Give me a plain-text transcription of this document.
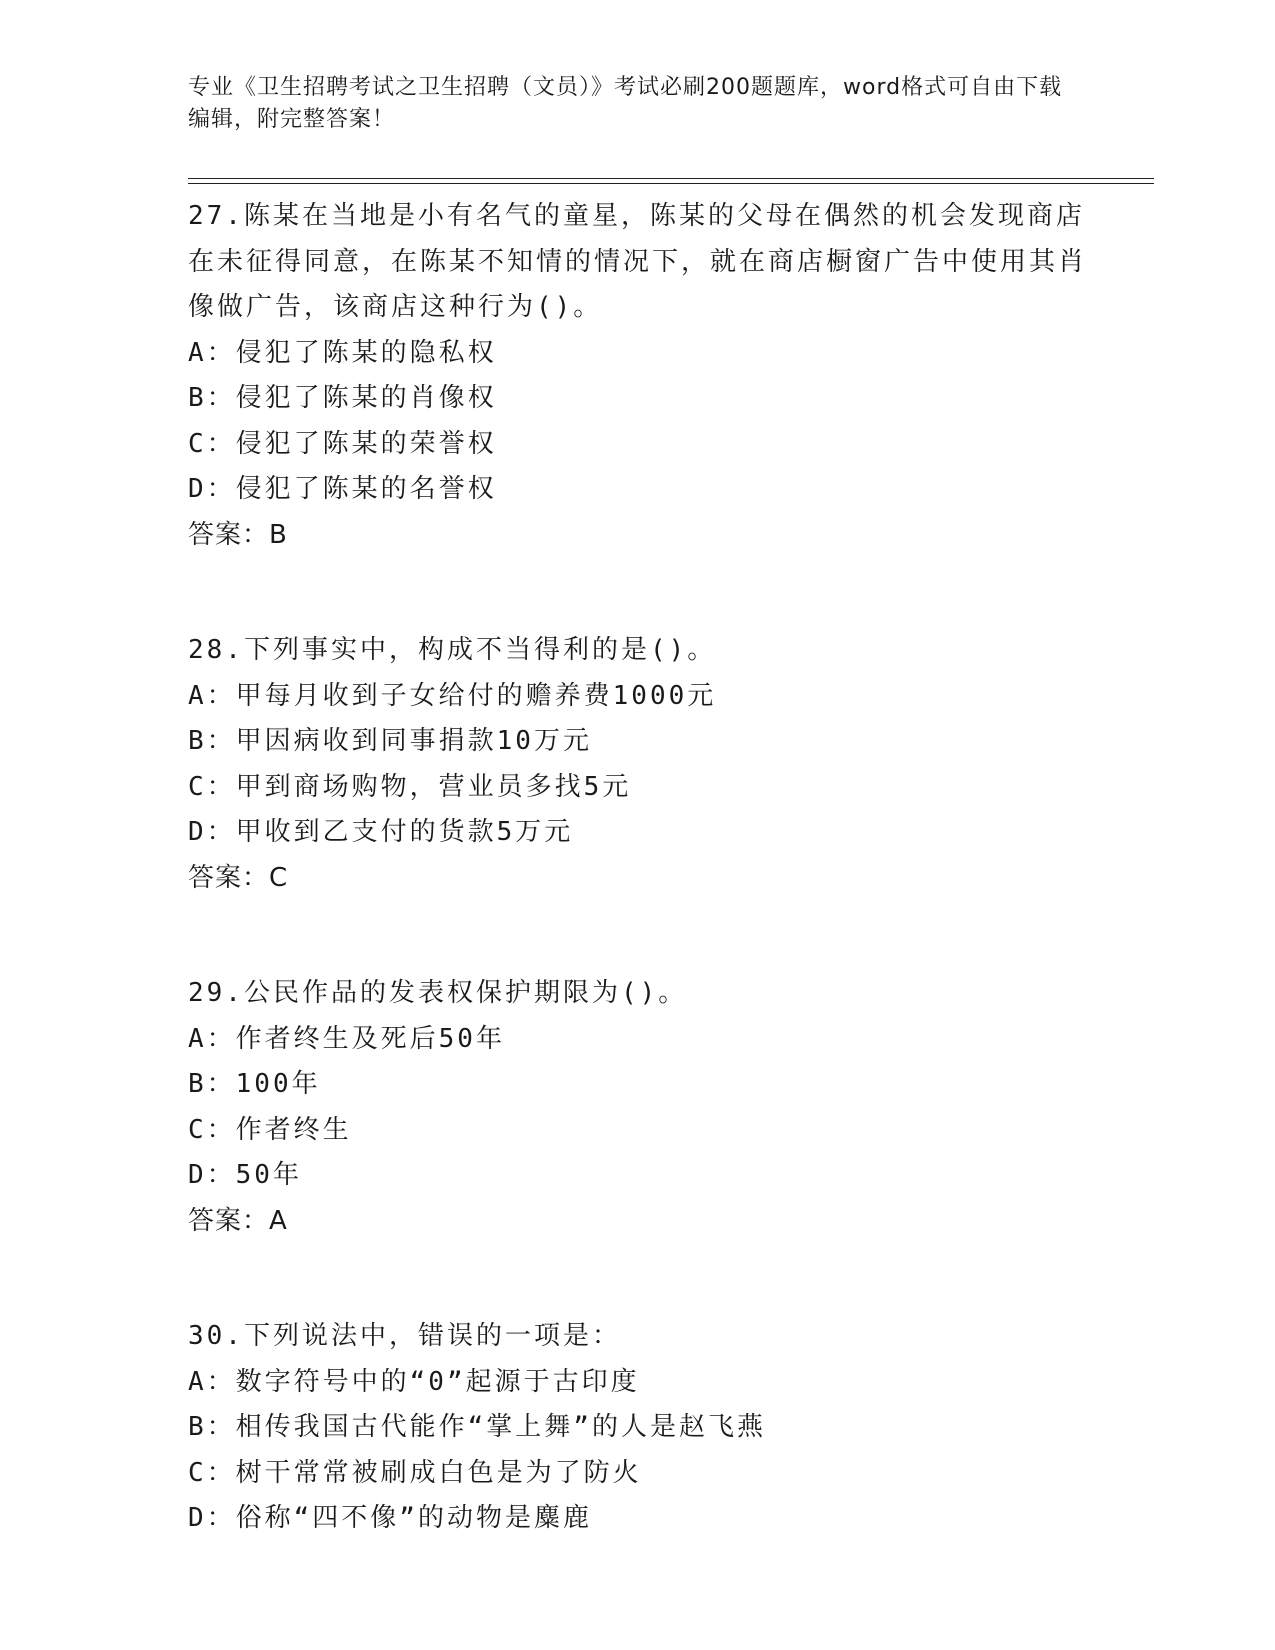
专业《卫生招聘考试之卫生招聘（文员）》考试必刷200题题库，word格式可自由下载编辑，附完整答案！

27.陈某在当地是小有名气的童星，陈某的父母在偶然的机会发现商店在未征得同意，在陈某不知情的情况下，就在商店橱窗广告中使用其肖像做广告，该商店这种行为()。

A：侵犯了陈某的隐私权

B：侵犯了陈某的肖像权

C：侵犯了陈某的荣誉权

D：侵犯了陈某的名誉权

答案：B

28.下列事实中，构成不当得利的是()。

A：甲每月收到子女给付的赡养费1000元

B：甲因病收到同事捐款10万元

C：甲到商场购物，营业员多找5元

D：甲收到乙支付的货款5万元

答案：C

29.公民作品的发表权保护期限为()。

A：作者终生及死后50年

B：100年

C：作者终生

D：50年

答案：A

30.下列说法中，错误的一项是：

A：数字符号中的“0”起源于古印度

B：相传我国古代能作“掌上舞”的人是赵飞燕

C：树干常常被刷成白色是为了防火

D：俗称“四不像”的动物是麋鹿
